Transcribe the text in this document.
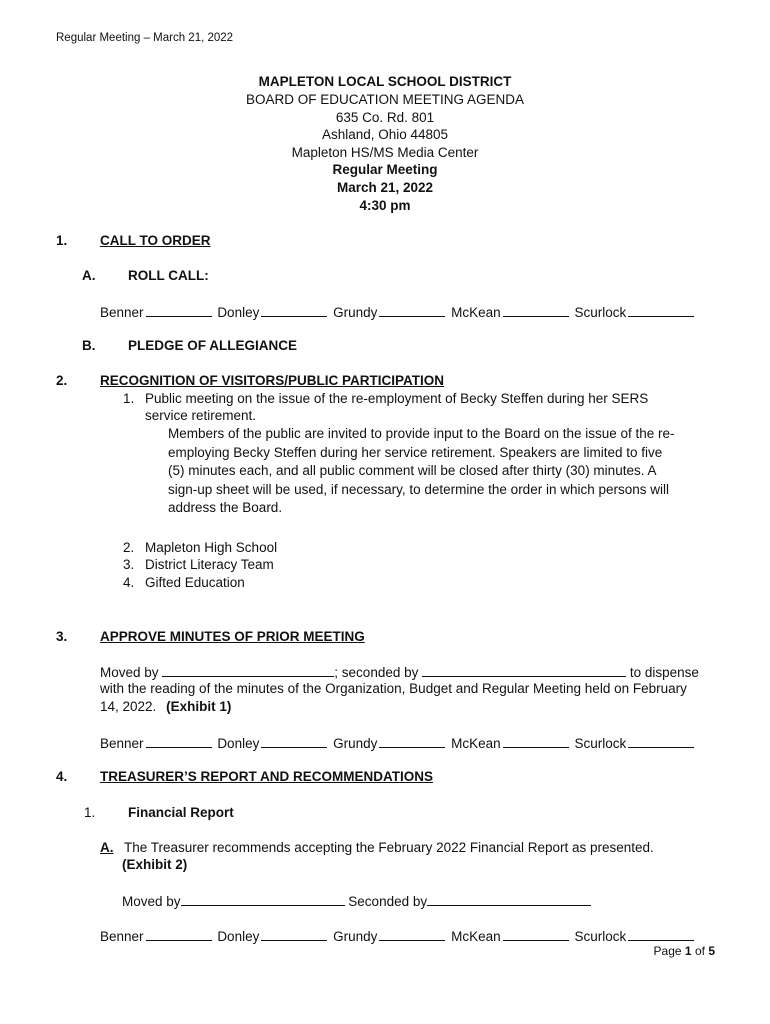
Regular Meeting – March 21, 2022
MAPLETON LOCAL SCHOOL DISTRICT
BOARD OF EDUCATION MEETING AGENDA
635 Co. Rd. 801
Ashland, Ohio 44805
Mapleton HS/MS Media Center
Regular Meeting
March 21, 2022
4:30 pm
1. CALL TO ORDER
A. ROLL CALL:
Benner	Donley	Grundy	McKean	Scurlock
B. PLEDGE OF ALLEGIANCE
2. RECOGNITION OF VISITORS/PUBLIC PARTICIPATION
1. Public meeting on the issue of the re-employment of Becky Steffen during her SERS
service retirement.
Members of the public are invited to provide input to the Board on the issue of the re-
employing Becky Steffen during her service retirement. Speakers are limited to five
(5) minutes each, and all public comment will be closed after thirty (30) minutes. A
sign-up sheet will be used, if necessary, to determine the order in which persons will
address the Board.
2. Mapleton High School
3. District Literacy Team
4. Gifted Education
3. APPROVE MINUTES OF PRIOR MEETING
Moved by	; seconded by	to dispense
with the reading of the minutes of the Organization, Budget and Regular Meeting held on February
14, 2022. (Exhibit 1)
Benner	Donley	Grundy	McKean	Scurlock
4. TREASURER’S REPORT AND RECOMMENDATIONS
1. Financial Report
A. The Treasurer recommends accepting the February 2022 Financial Report as presented.
(Exhibit 2)
Moved by	Seconded by
Benner	Donley	Grundy	McKean	Scurlock
Page 1 of 5
